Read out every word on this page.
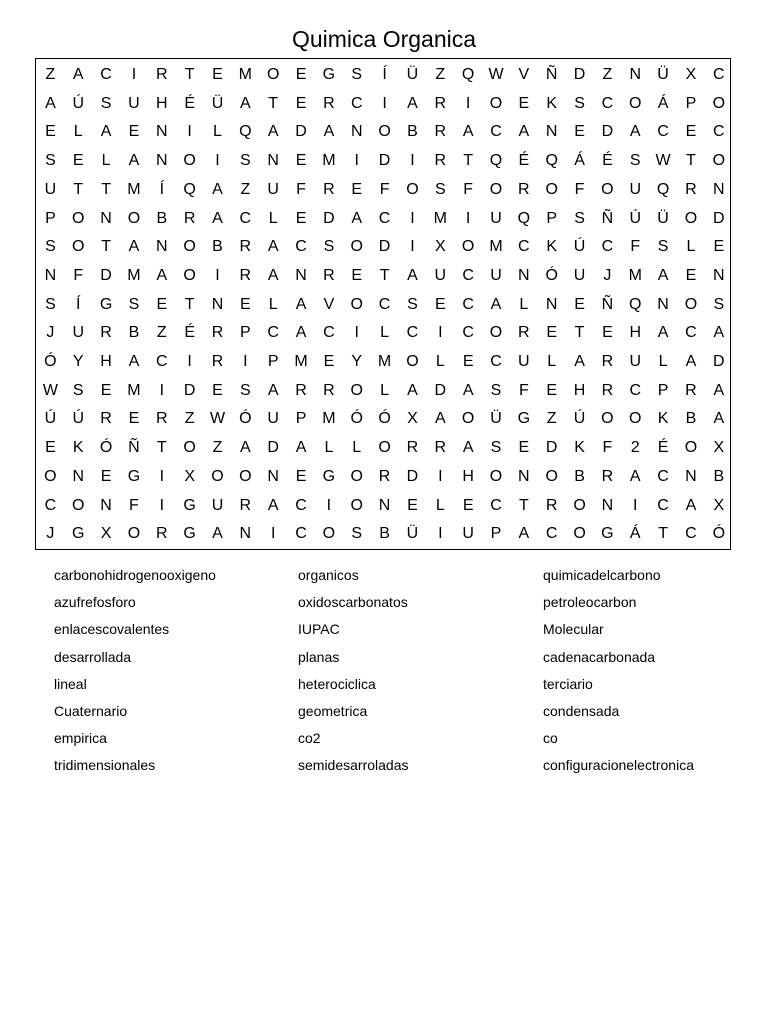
Quimica Organica
Z	A	C	I	R	T	E M O	E	G	S	Í	Ü	Z	Q W V	Ñ	D	Z	N	Ü	X	C
A	Ú	S	U	H	É	Ü	A	T	E	R	C	I	A	R	I	O	E	K	S	C O	Á	P	O
E	L	A	E	N	I	L	Q	A	D	A	N O	B	R	A	C	A	N	E	D	A	C	E	C
S	E	L	A	N O	I	S	N	E M	I	D	I	R	T	Q	É	Q	Á	É	S W T	O
U	T	T	M	Í	Q	A	Z	U	F	R	E	F	O	S	F	O R O	F	O U Q R	N
P	O N O	B	R	A	C	L	E	D	A	C	I	M	I	U Q	P	S	Ñ	Ú	Ü O D
S	O	T	A	N O	B	R	A	C	S	O D	I	X	O M C	K	Ú	C	F	S	L	E
N	F	D M A	O	I	R	A	N	R	E	T	A	U	C	U	N Ó U	J	M A	E	N
S	Í	G	S	E	T	N	E	L	A	V	O C	S	E	C	A	L	N	E	Ñ Q N O	S
J	U	R	B	Z	É	R	P	C	A	C	I	L	C	I	C O R	E	T	E	H	A	C	A
Ó	Y	H	A	C	I	R	I	P M E	Y M O	L	E	C	U	L	A	R	U	L	A	D
W S	E M	I	D	E	S	A	R	R O	L	A	D	A	S	F	E	H	R	C	P	R	A
Ú	Ú	R	E	R	Z W Ó U	P M Ó Ó	X	A	O Ü G	Z	Ú O O	K	B	A
E	K	Ó Ñ	T	O	Z	A	D	A	L	L	O R	R	A	S	E	D	K	F	2	É	O	X
O N	E	G	I	X	O O N	E	G O R	D	I	H O N O	B	R	A	C	N	B
C O N	F	I	G U	R	A	C	I	O N	E	L	E	C	T	R O N	I	C	A	X
J	G	X	O R G	A	N	I	C O	S	B	Ü	I	U	P	A	C O G	Á	T	C Ó
carbonohidrogenooxigeno
azufrefosforo
enlacescovalentes
desarrollada
lineal
Cuaternario
empirica
tridimensionales
organicos
oxidoscarbonatos
IUPAC
planas
heterociclica
geometrica
co2
semidesarroladas
quimicadelcarbono
petroleocarbon
Molecular
cadenacarbonada
terciario
condensada
co
configuracionelectronica
